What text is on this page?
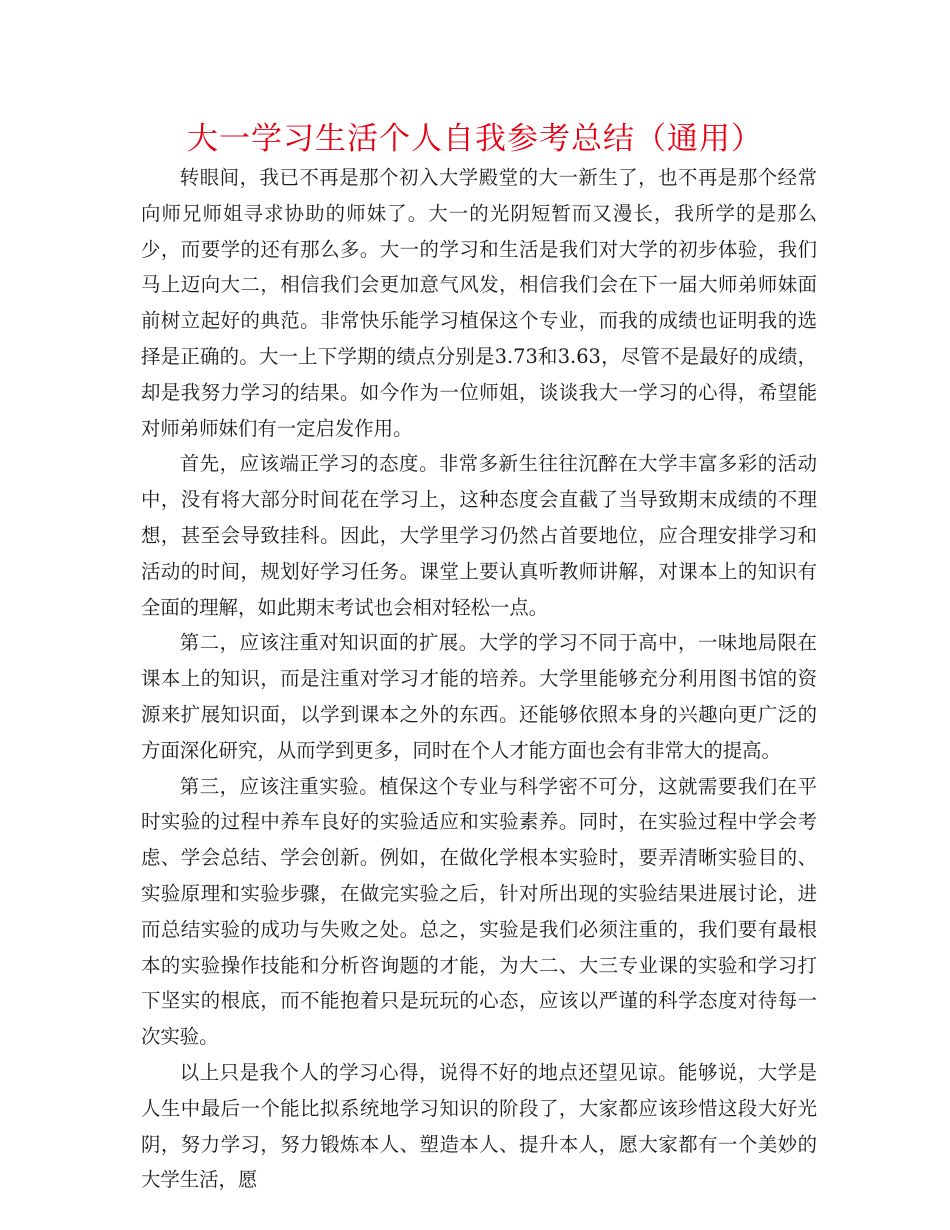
大一学习生活个人自我参考总结（通用）

转眼间，我已不再是那个初入大学殿堂的大一新生了，也不再是那个经常向师兄师姐寻求协助的师妹了。大一的光阴短暂而又漫长，我所学的是那么少，而要学的还有那么多。大一的学习和生活是我们对大学的初步体验，我们马上迈向大二，相信我们会更加意气风发，相信我们会在下一届大师弟师妹面前树立起好的典范。非常快乐能学习植保这个专业，而我的成绩也证明我的选择是正确的。大一上下学期的绩点分别是3.73和3.63，尽管不是最好的成绩，却是我努力学习的结果。如今作为一位师姐，谈谈我大一学习的心得，希望能对师弟师妹们有一定启发作用。

首先，应该端正学习的态度。非常多新生往往沉醉在大学丰富多彩的活动中，没有将大部分时间花在学习上，这种态度会直截了当导致期末成绩的不理想，甚至会导致挂科。因此，大学里学习仍然占首要地位，应合理安排学习和活动的时间，规划好学习任务。课堂上要认真听教师讲解，对课本上的知识有全面的理解，如此期末考试也会相对轻松一点。

第二，应该注重对知识面的扩展。大学的学习不同于高中，一味地局限在课本上的知识，而是注重对学习才能的培养。大学里能够充分利用图书馆的资源来扩展知识面，以学到课本之外的东西。还能够依照本身的兴趣向更广泛的方面深化研究，从而学到更多，同时在个人才能方面也会有非常大的提高。

第三，应该注重实验。植保这个专业与科学密不可分，这就需要我们在平时实验的过程中养车良好的实验适应和实验素养。同时，在实验过程中学会考虑、学会总结、学会创新。例如，在做化学根本实验时，要弄清晰实验目的、实验原理和实验步骤，在做完实验之后，针对所出现的实验结果进展讨论，进而总结实验的成功与失败之处。总之，实验是我们必须注重的，我们要有最根本的实验操作技能和分析咨询题的才能，为大二、大三专业课的实验和学习打下坚实的根底，而不能抱着只是玩玩的心态，应该以严谨的科学态度对待每一次实验。

以上只是我个人的学习心得，说得不好的地点还望见谅。能够说，大学是人生中最后一个能比拟系统地学习知识的阶段了，大家都应该珍惜这段大好光阴，努力学习，努力锻炼本人、塑造本人、提升本人，愿大家都有一个美妙的大学生活，愿
